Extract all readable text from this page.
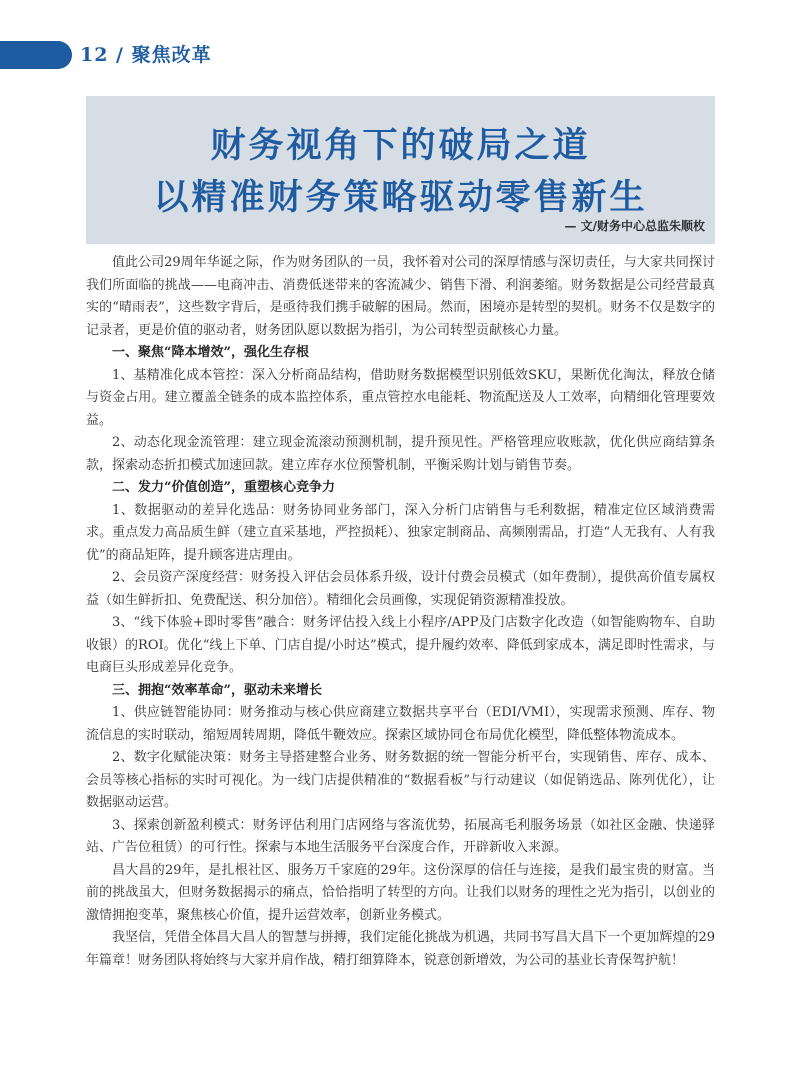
12 / 聚焦改革
财务视角下的破局之道
以精准财务策略驱动零售新生
— 文/财务中心总监朱顺枚

值此公司29周年华诞之际，作为财务团队的一员，我怀着对公司的深厚情感与深切责任，与大家共同探讨我们所面临的挑战——电商冲击、消费低迷带来的客流减少、销售下滑、利润萎缩。财务数据是公司经营最真实的“晴雨表”，这些数字背后，是亟待我们携手破解的困局。然而，困境亦是转型的契机。财务不仅是数字的记录者，更是价值的驱动者，财务团队愿以数据为指引，为公司转型贡献核心力量。

一、聚焦“降本增效”，强化生存根

1、基精准化成本管控：深入分析商品结构，借助财务数据模型识别低效SKU，果断优化淘汰，释放仓储与资金占用。建立覆盖全链条的成本监控体系，重点管控水电能耗、物流配送及人工效率，向精细化管理要效益。

2、动态化现金流管理：建立现金流滚动预测机制，提升预见性。严格管理应收账款，优化供应商结算条款，探索动态折扣模式加速回款。建立库存水位预警机制，平衡采购计划与销售节奏。

二、发力“价值创造”，重塑核心竞争力

1、数据驱动的差异化选品：财务协同业务部门，深入分析门店销售与毛利数据，精准定位区域消费需求。重点发力高品质生鲜（建立直采基地，严控损耗）、独家定制商品、高频刚需品，打造“人无我有、人有我优”的商品矩阵，提升顾客进店理由。

2、会员资产深度经营：财务投入评估会员体系升级，设计付费会员模式（如年费制），提供高价值专属权益（如生鲜折扣、免费配送、积分加倍）。精细化会员画像，实现促销资源精准投放。

3、“线下体验+即时零售”融合：财务评估投入线上小程序/APP及门店数字化改造（如智能购物车、自助收银）的ROI。优化“线上下单、门店自提/小时达”模式，提升履约效率、降低到家成本，满足即时性需求，与电商巨头形成差异化竞争。

三、拥抱“效率革命”，驱动未来增长

1、供应链智能协同：财务推动与核心供应商建立数据共享平台（EDI/VMI），实现需求预测、库存、物流信息的实时联动，缩短周转周期，降低牛鞭效应。探索区域协同仓布局优化模型，降低整体物流成本。

2、数字化赋能决策：财务主导搭建整合业务、财务数据的统一智能分析平台，实现销售、库存、成本、会员等核心指标的实时可视化。为一线门店提供精准的“数据看板”与行动建议（如促销选品、陈列优化），让数据驱动运营。

3、探索创新盈利模式：财务评估利用门店网络与客流优势，拓展高毛利服务场景（如社区金融、快递驿站、广告位租赁）的可行性。探索与本地生活服务平台深度合作，开辟新收入来源。

昌大昌的29年，是扎根社区、服务万千家庭的29年。这份深厚的信任与连接，是我们最宝贵的财富。当前的挑战虽大，但财务数据揭示的痛点，恰恰指明了转型的方向。让我们以财务的理性之光为指引，以创业的激情拥抱变革，聚焦核心价值，提升运营效率，创新业务模式。

我坚信，凭借全体昌大昌人的智慧与拼搏，我们定能化挑战为机遇，共同书写昌大昌下一个更加辉煌的29年篇章！财务团队将始终与大家并肩作战，精打细算降本，锐意创新增效，为公司的基业长青保驾护航！
